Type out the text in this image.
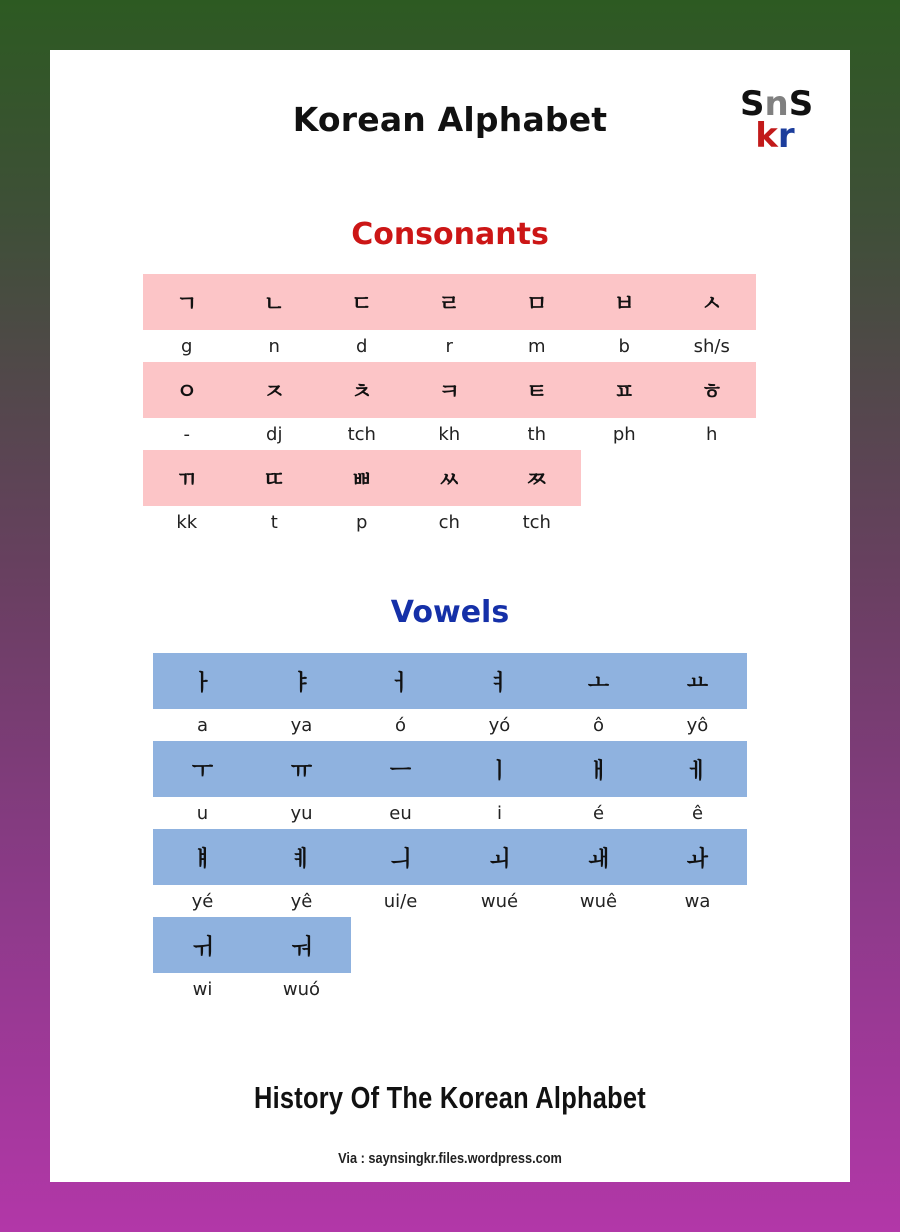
Korean Alphabet	SnS
kr
Consonants
ㄱ	ㄴ	ㄷ	ㄹ	ㅁ	ㅂ	ㅅ
g	n	d	r	m	b	sh/s
ㅇ	ㅈ	ㅊ	ㅋ	ㅌ	ㅍ	ㅎ
-	dj	tch	kh	th	ph	h
ㄲ	ㄸ	ㅃ	ㅆ	ㅉ
kk	t	p	ch	tch
Vowels
ㅏ	ㅑ	ㅓ	ㅕ	ㅗ	ㅛ
a	ya	ó	yó	ô	yô
ㅜ	ㅠ	ㅡ	ㅣ	ㅐ	ㅔ
u	yu	eu	i	é	ê
ㅒ	ㅖ	ㅢ	ㅚ	ㅙ	ㅘ
yé	yê	ui/e	wué	wuê	wa
ㅟ	ㅝ
wi	wuó
History Of The Korean Alphabet
Via : saynsingkr.files.wordpress.com
